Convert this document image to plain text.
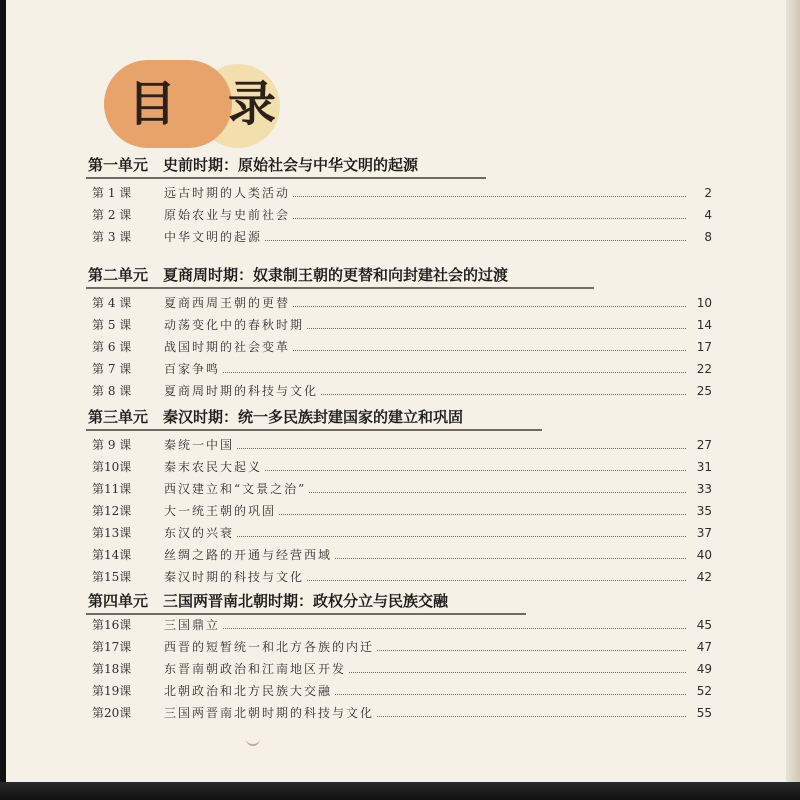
目 录
第一单元　史前时期：原始社会与中华文明的起源
第 1 课	远古时期的人类活动	2
第 2 课	原始农业与史前社会	4
第 3 课	中华文明的起源	8
第二单元　夏商周时期：奴隶制王朝的更替和向封建社会的过渡
第 4 课	夏商西周王朝的更替	10
第 5 课	动荡变化中的春秋时期	14
第 6 课	战国时期的社会变革	17
第 7 课	百家争鸣	22
第 8 课	夏商周时期的科技与文化	25
第三单元　秦汉时期：统一多民族封建国家的建立和巩固
第 9 课	秦统一中国	27
第10课	秦末农民大起义	31
第11课	西汉建立和“文景之治”	33
第12课	大一统王朝的巩固	35
第13课	东汉的兴衰	37
第14课	丝绸之路的开通与经营西域	40
第15课	秦汉时期的科技与文化	42
第四单元　三国两晋南北朝时期：政权分立与民族交融
第16课	三国鼎立	45
第17课	西晋的短暂统一和北方各族的内迁	47
第18课	东晋南朝政治和江南地区开发	49
第19课	北朝政治和北方民族大交融	52
第20课	三国两晋南北朝时期的科技与文化	55
